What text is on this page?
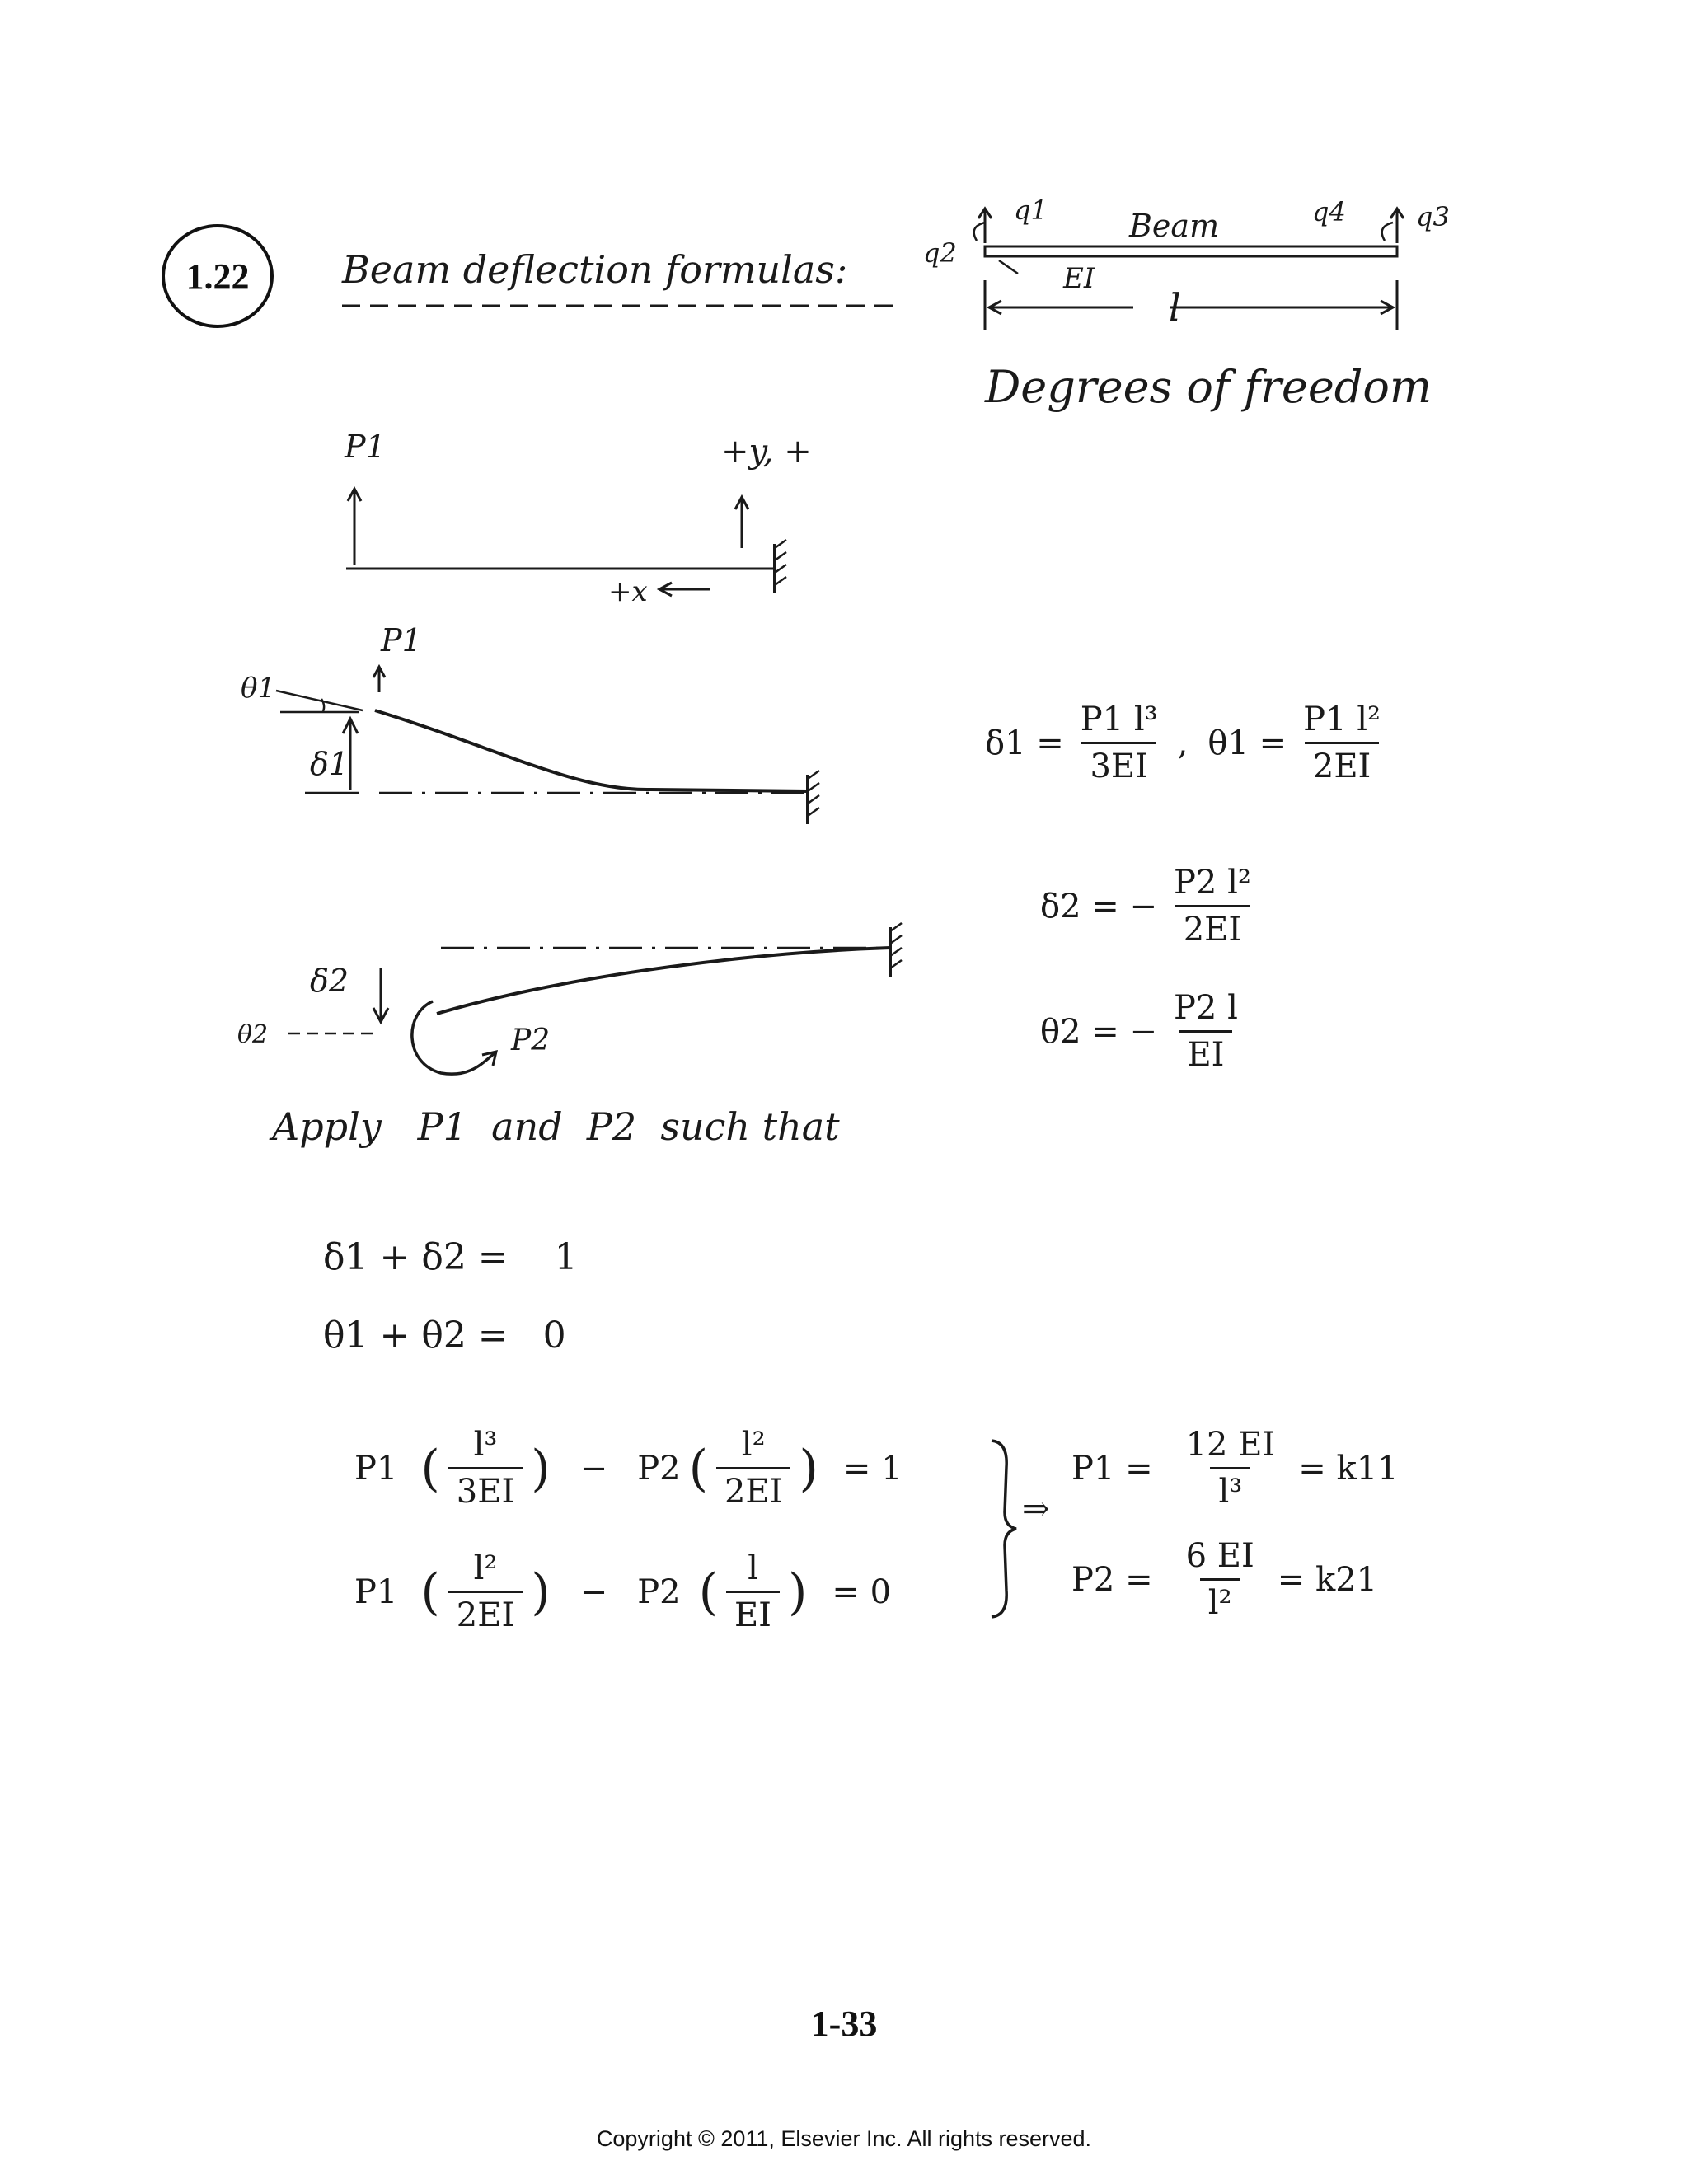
1.22 Beam deflection formulas:
q1
q2
Beam	q4	q3
EI
l
Degrees of freedom
P1	+y, +
+x
P1
θ1
δ1
$\delta 1 = \frac{\text{P1 l³}}{3EI}$ , $\theta 1 = \frac{\text{P1 l²}}{2EI}$
δ2
θ2	P2
δ2 = − $\frac{\text{P2 l²}}{2EI}$
θ2 = − $\frac{P2 l}{EI}$
Apply   P1  and  P2  such that
δ1 + δ2 =    1
θ1 + θ2 =   0
P1 ( $\frac{\text{l³}}{3EI}$ ) − P2 ( $\frac{\text{l²}}{2EI}$ ) = 1
P1 ( $\frac{\text{l²}}{2EI}$ ) − P2 ( $\frac{l}{EI}$ ) = 0
⇒
$P1 = \frac{12 EI}{\text{l³}} = k11$
$P2 = \frac{6 EI}{\text{l²}} = k21$
1-33
Copyright © 2011, Elsevier Inc. All rights reserved.
